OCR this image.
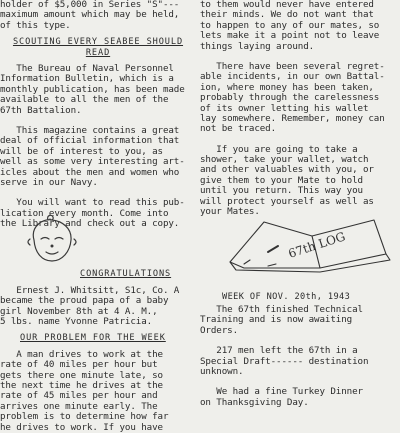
holder of $5,000 in Series "S"---
maximum amount which may be held,
of this type.
SCOUTING EVERY SEABEE SHOULD
READ
The Bureau of Naval Personnel
Information Bulletin, which is a
monthly publication, has been made
available to all the men of the
67th Battalion.
This magazine contains a great
deal of official information that
will be of interest to you, as
well as some very interesting art-
icles about the men and women who
serve in our Navy.
You will want to read this pub-
lication every month. Come into
the Library and check out a copy.
CONGRATULATIONS
Ernest J. Whitsitt, S1c, Co. A
became the proud papa of a baby
girl November 8th at 4 A. M.,
5 lbs. name Yvonne Patricia.
OUR PROBLEM FOR THE WEEK
A man drives to work at the
rate of 40 miles per hour but
gets there one minute late, so
the next time he drives at the
rate of 45 miles per hour and
arrives one minute early. The
problem is to determine how far
he drives to work. If you have
to them would never have entered
their minds. We do not want that
to happen to any of our mates, so
lets make it a point not to leave
things laying around.
There have been several regret-
able incidents, in our own Battal-
ion, where money has been taken,
probably through the carelessness
of its owner letting his wallet
lay somewhere. Remember, money can
not be traced.
If you are going to take a
shower, take your wallet, watch
and other valuables with you, or
give them to your Mate to hold
until you return. This way you
will protect yourself as well as
your Mates.
The 67th finished Technical
Training and is now awaiting
Orders.
217 men left the 67th in a
Special Draft------ destination
unknown.
We had a fine Turkey Dinner
on Thanksgiving Day.
67th LOG
WEEK OF NOV. 20th, 1943
